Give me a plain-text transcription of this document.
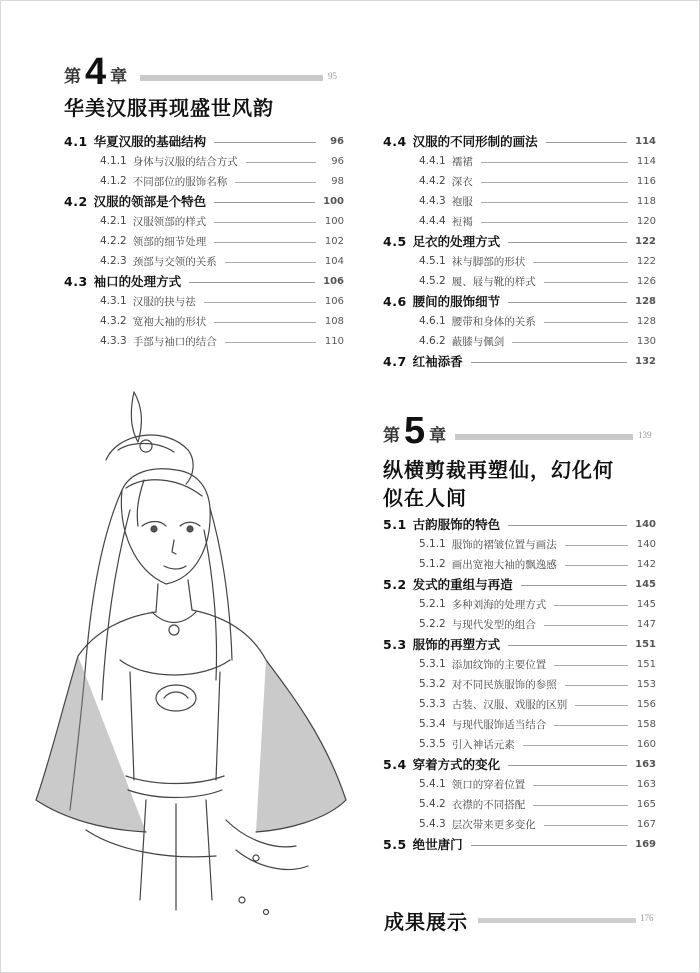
第 4 章	95
华美汉服再现盛世风韵
4.1 华夏汉服的基础结构	96
4.1.1 身体与汉服的结合方式	96
4.1.2 不同部位的服饰名称	98
4.2 汉服的领部是个特色	100
4.2.1 汉服领部的样式	100
4.2.2 领部的细节处理	102
4.2.3 颈部与交领的关系	104
4.3 袖口的处理方式	106
4.3.1 汉服的抉与祛	106
4.3.2 宽袍大袖的形状	108
4.3.3 手部与袖口的结合	110
4.4 汉服的不同形制的画法	114
4.4.1 襦裙	114
4.4.2 深衣	116
4.4.3 袍服	118
4.4.4 裋褐	120
4.5 足衣的处理方式	122
4.5.1 袜与脚部的形状	122
4.5.2 履、屐与靴的样式	126
4.6 腰间的服饰细节	128
4.6.1 腰带和身体的关系	128
4.6.2 蔽膝与佩剑	130
4.7 红袖添香	132
第 5 章	139
纵横剪裁再塑仙，幻化何
似在人间
5.1 古韵服饰的特色	140
5.1.1 服饰的褶皱位置与画法	140
5.1.2 画出宽袍大袖的飘逸感	142
5.2 发式的重组与再造	145
5.2.1 多种刘海的处理方式	145
5.2.2 与现代发型的组合	147
5.3 服饰的再塑方式	151
5.3.1 添加纹饰的主要位置	151
5.3.2 对不同民族服饰的参照	153
5.3.3 古装、汉服、戏服的区别	156
5.3.4 与现代服饰适当结合	158
5.3.5 引入神话元素	160
5.4 穿着方式的变化	163
5.4.1 领口的穿着位置	163
5.4.2 衣襟的不同搭配	165
5.4.3 层次带来更多变化	167
5.5 绝世唐门	169
成果展示	176
